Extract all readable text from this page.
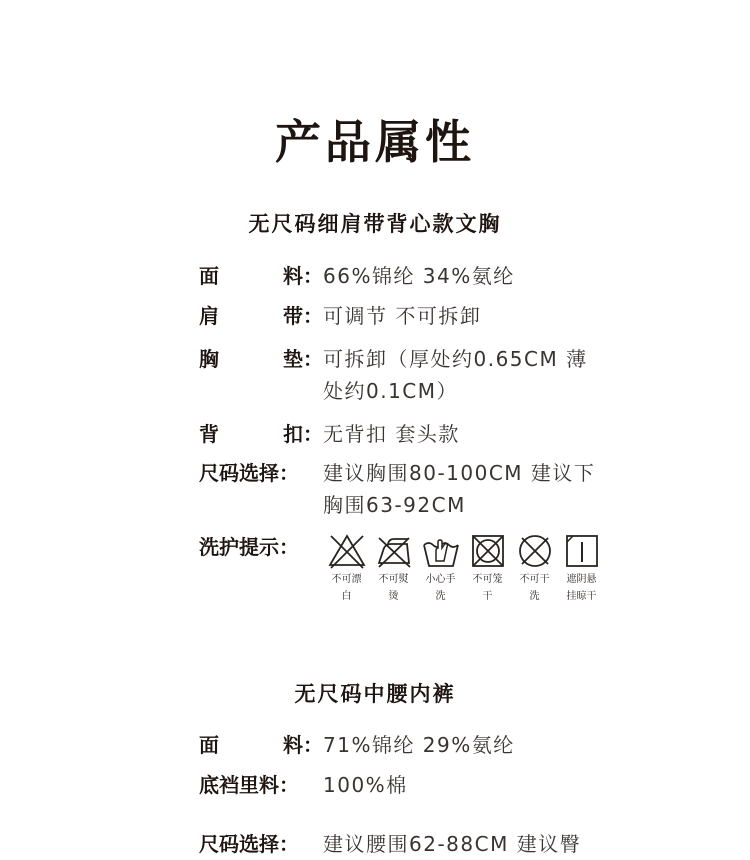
产品属性
无尺码细肩带背心款文胸
面	料： 66%锦纶 34%氨纶
肩	带： 可调节 不可拆卸
胸	垫： 可拆卸（厚处约0.65CM 薄
处约0.1CM）
背	扣： 无背扣 套头款
尺码选择： 建议胸围80-100CM 建议下
胸围63-92CM
洗护提示：
不可漂
白
不可熨
烫
小心手
洗
不可笼
干
不可干
洗
遮阴悬
挂晾干
无尺码中腰内裤
面	料： 71%锦纶 29%氨纶
底裆里料： 100%棉
尺码选择： 建议腰围62-88CM 建议臀
